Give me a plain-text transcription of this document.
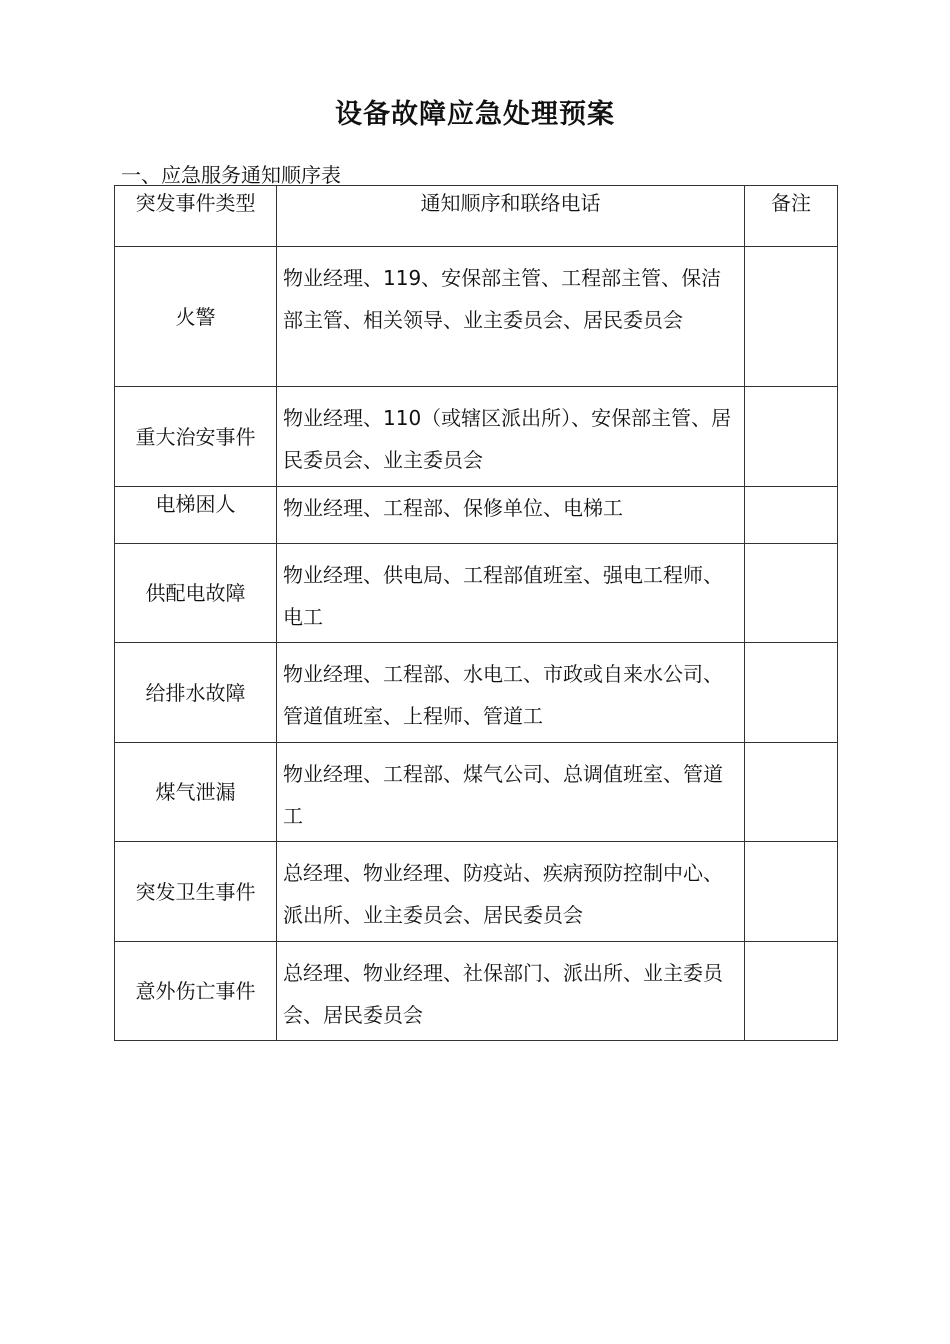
设备故障应急处理预案

一、应急服务通知顺序表

突发事件类型	通知顺序和联络电话	备注
火警	物业经理、119、安保部主管、工程部主管、保洁部主管、相关领导、业主委员会、居民委员会	
重大治安事件	物业经理、110（或辖区派出所）、安保部主管、居民委员会、业主委员会	
电梯困人	物业经理、工程部、保修单位、电梯工	
供配电故障	物业经理、供电局、工程部值班室、强电工程师、电工	
给排水故障	物业经理、工程部、水电工、市政或自来水公司、管道值班室、上程师、管道工	
煤气泄漏	物业经理、工程部、煤气公司、总调值班室、管道工	
突发卫生事件	总经理、物业经理、防疫站、疾病预防控制中心、派出所、业主委员会、居民委员会	
意外伤亡事件	总经理、物业经理、社保部门、派出所、业主委员会、居民委员会	
